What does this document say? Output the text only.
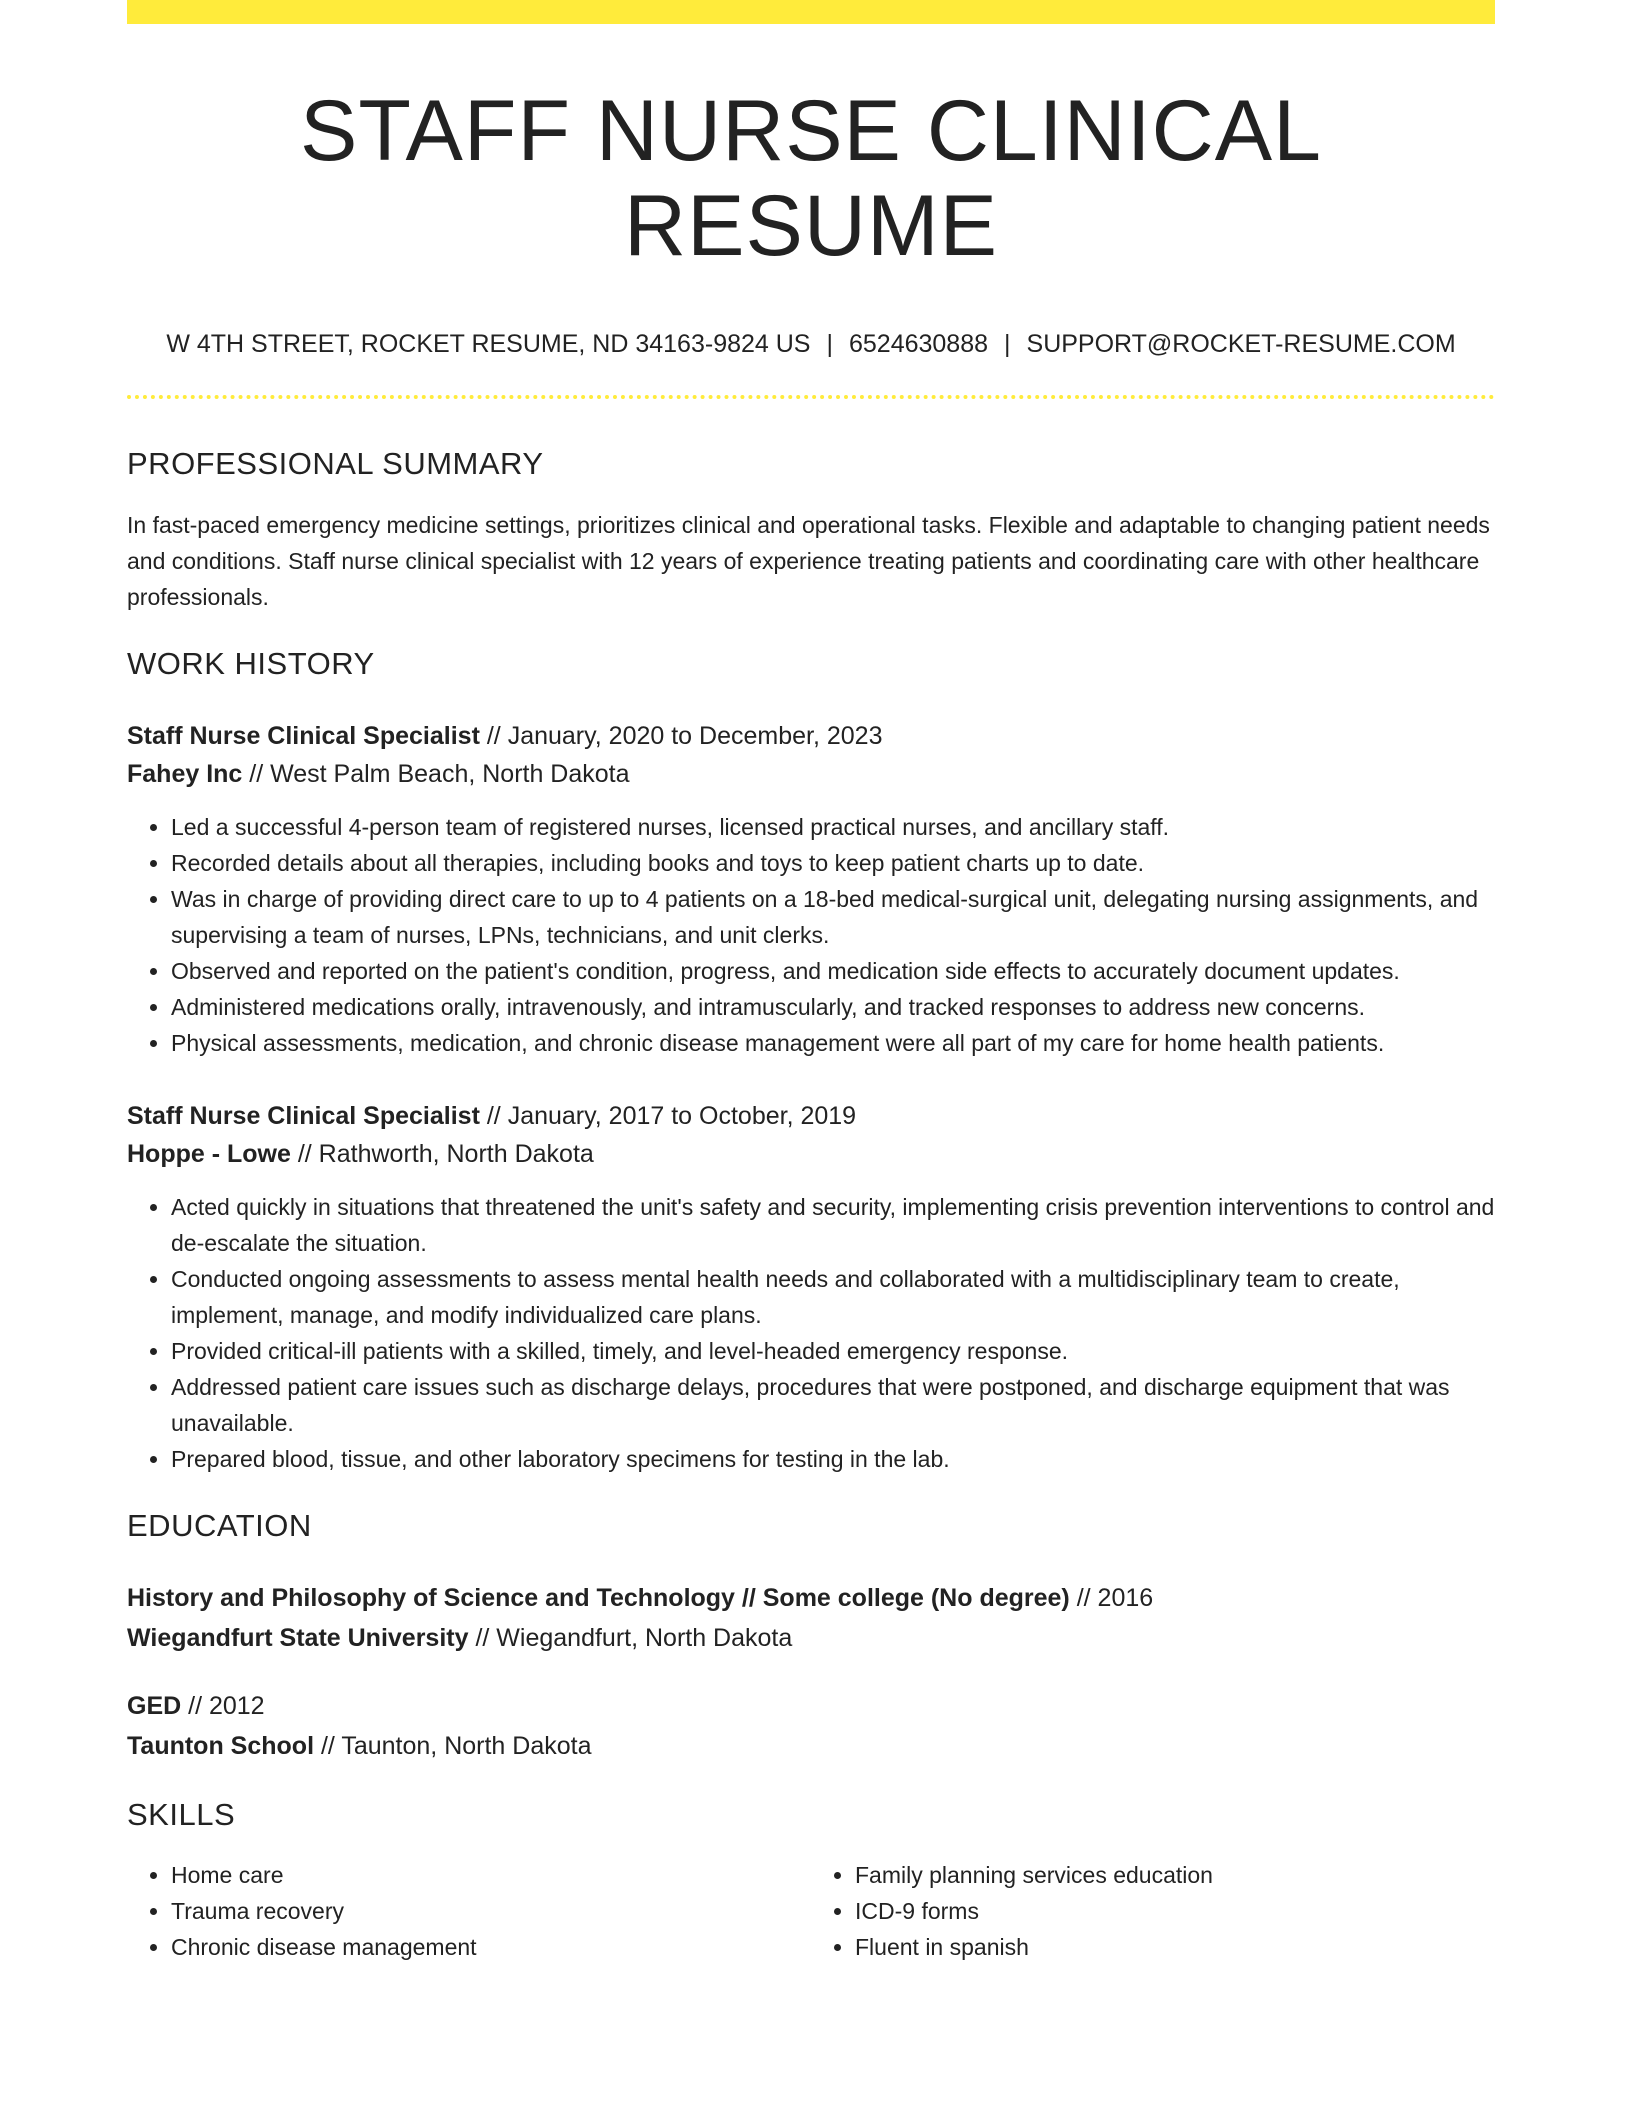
STAFF NURSE CLINICAL RESUME
W 4TH STREET, ROCKET RESUME, ND 34163-9824 US | 6524630888 | SUPPORT@ROCKET-RESUME.COM
PROFESSIONAL SUMMARY
In fast-paced emergency medicine settings, prioritizes clinical and operational tasks. Flexible and adaptable to changing patient needs and conditions. Staff nurse clinical specialist with 12 years of experience treating patients and coordinating care with other healthcare professionals.
WORK HISTORY
Staff Nurse Clinical Specialist // January, 2020 to December, 2023
Fahey Inc // West Palm Beach, North Dakota
• Led a successful 4-person team of registered nurses, licensed practical nurses, and ancillary staff.
• Recorded details about all therapies, including books and toys to keep patient charts up to date.
• Was in charge of providing direct care to up to 4 patients on a 18-bed medical-surgical unit, delegating nursing assignments, and supervising a team of nurses, LPNs, technicians, and unit clerks.
• Observed and reported on the patient's condition, progress, and medication side effects to accurately document updates.
• Administered medications orally, intravenously, and intramuscularly, and tracked responses to address new concerns.
• Physical assessments, medication, and chronic disease management were all part of my care for home health patients.
Staff Nurse Clinical Specialist // January, 2017 to October, 2019
Hoppe - Lowe // Rathworth, North Dakota
• Acted quickly in situations that threatened the unit's safety and security, implementing crisis prevention interventions to control and de-escalate the situation.
• Conducted ongoing assessments to assess mental health needs and collaborated with a multidisciplinary team to create, implement, manage, and modify individualized care plans.
• Provided critical-ill patients with a skilled, timely, and level-headed emergency response.
• Addressed patient care issues such as discharge delays, procedures that were postponed, and discharge equipment that was unavailable.
• Prepared blood, tissue, and other laboratory specimens for testing in the lab.
EDUCATION
History and Philosophy of Science and Technology // Some college (No degree) // 2016
Wiegandfurt State University // Wiegandfurt, North Dakota
GED // 2012
Taunton School // Taunton, North Dakota
SKILLS
• Home care
• Trauma recovery
• Chronic disease management
• Family planning services education
• ICD-9 forms
• Fluent in spanish
